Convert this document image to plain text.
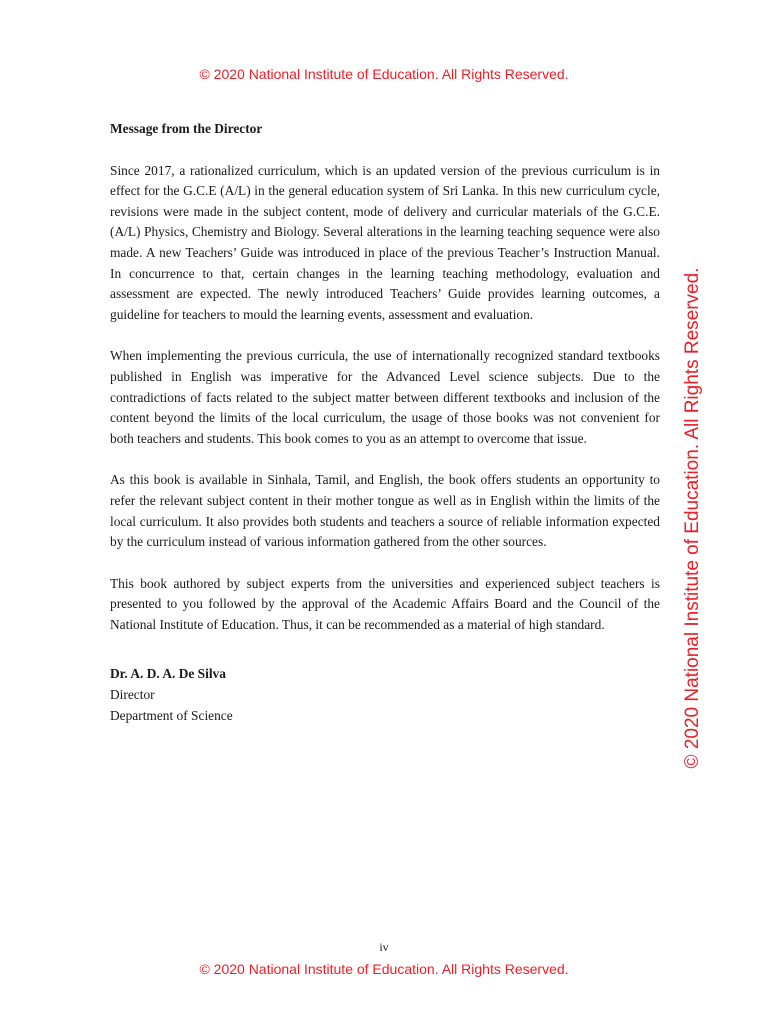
© 2020 National Institute of Education. All Rights Reserved.
© 2020 National Institute of Education. All Rights Reserved.
Message from the Director

Since 2017, a rationalized curriculum, which is an updated version of the previous curriculum is in effect for the G.C.E (A/L) in the general education system of Sri Lanka. In this new curriculum cycle, revisions were made in the subject content, mode of delivery and curricular materials of the G.C.E. (A/L) Physics, Chemistry and Biology. Several alterations in the learning teaching sequence were also made. A new Teachers’ Guide was introduced in place of the previous Teacher’s Instruction Manual. In concurrence to that, certain changes in the learning teaching methodology, evaluation and assessment are expected. The newly introduced Teachers’ Guide provides learning outcomes, a guideline for teachers to mould the learning events, assessment and evaluation.

When implementing the previous curricula, the use of internationally recognized standard textbooks published in English was imperative for the Advanced Level science subjects. Due to the contradictions of facts related to the subject matter between different textbooks and inclusion of the content beyond the limits of the local curriculum, the usage of those books was not convenient for both teachers and students. This book comes to you as an attempt to overcome that issue.

As this book is available in Sinhala, Tamil, and English, the book offers students an opportunity to refer the relevant subject content in their mother tongue as well as in English within the limits of the local curriculum. It also provides both students and teachers a source of reliable information expected by the curriculum instead of various information gathered from the other sources.

This book authored by subject experts from the universities and experienced subject teachers is presented to you followed by the approval of the Academic Affairs Board and the Council of the National Institute of Education. Thus, it can be recommended as a material of high standard.

Dr. A. D. A. De Silva
Director
Department of Science
iv
© 2020 National Institute of Education. All Rights Reserved.
